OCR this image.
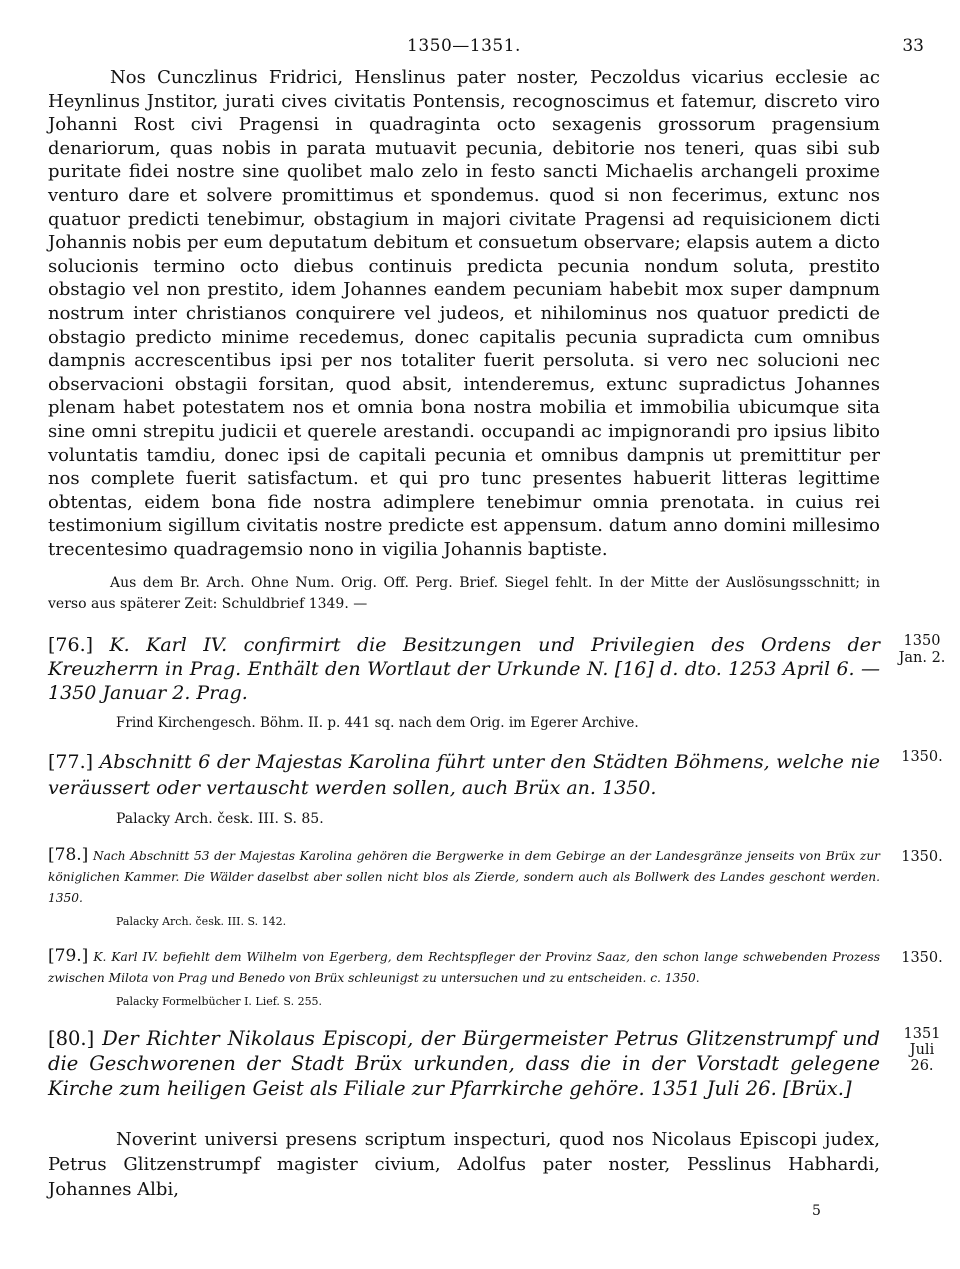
1350—1351.	33

Nos Cunczlinus Fridrici, Henslinus pater noster, Peczoldus vicarius ecclesie ac Heynlinus Jnstitor, jurati cives civitatis Pontensis, recognoscimus et fatemur, discreto viro Johanni Rost civi Pragensi in quadraginta octo sexagenis grossorum pragensium denariorum, quas nobis in parata mutuavit pecunia, debitorie nos teneri, quas sibi sub puritate fidei nostre sine quolibet malo zelo in festo sancti Michaelis archangeli proxime venturo dare et solvere promittimus et spondemus. quod si non fecerimus, extunc nos quatuor predicti tenebimur, obstagium in majori civitate Pragensi ad requisicionem dicti Johannis nobis per eum deputatum debitum et consuetum observare; elapsis autem a dicto solucionis termino octo diebus continuis predicta pecunia nondum soluta, prestito obstagio vel non prestito, idem Johannes eandem pecuniam habebit mox super dampnum nostrum inter christianos conquirere vel judeos, et nihilominus nos quatuor predicti de obstagio predicto minime recedemus, donec capitalis pecunia supradicta cum omnibus dampnis accrescentibus ipsi per nos totaliter fuerit persoluta. si vero nec solucioni nec observacioni obstagii forsitan, quod absit, intenderemus, extunc supradictus Johannes plenam habet potestatem nos et omnia bona nostra mobilia et immobilia ubicumque sita sine omni strepitu judicii et querele arestandi. occupandi ac impignorandi pro ipsius libito voluntatis tamdiu, donec ipsi de capitali pecunia et omnibus dampnis ut premittitur per nos complete fuerit satisfactum. et qui pro tunc presentes habuerit litteras legittime obtentas, eidem bona fide nostra adimplere tenebimur omnia prenotata. in cuius rei testimonium sigillum civitatis nostre predicte est appensum. datum anno domini millesimo trecentesimo quadragemsio nono in vigilia Johannis baptiste.

Aus dem Br. Arch. Ohne Num. Orig. Off. Perg. Brief. Siegel fehlt. In der Mitte der Auslösungsschnitt; in verso aus späterer Zeit: Schuldbrief 1349. —

1350
Jan. 2.
[76.] K. Karl IV. confirmirt die Besitzungen und Privilegien des Ordens der Kreuzherrn in Prag. Enthält den Wortlaut der Urkunde N. [16] d. dto. 1253 April 6. — 1350 Januar 2. Prag.
Frind Kirchengesch. Böhm. II. p. 441 sq. nach dem Orig. im Egerer Archive.
1350.
[77.] Abschnitt 6 der Majestas Karolina führt unter den Städten Böhmens, welche nie veräussert oder vertauscht werden sollen, auch Brüx an. 1350.
Palacky Arch. česk. III. S. 85.
1350.
[78.] Nach Abschnitt 53 der Majestas Karolina gehören die Bergwerke in dem Gebirge an der Landesgränze jenseits von Brüx zur königlichen Kammer. Die Wälder daselbst aber sollen nicht blos als Zierde, sondern auch als Bollwerk des Landes geschont werden. 1350.
Palacky Arch. česk. III. S. 142.
1350.
[79.] K. Karl IV. befiehlt dem Wilhelm von Egerberg, dem Rechtspfleger der Provinz Saaz, den schon lange schwebenden Prozess zwischen Milota von Prag und Benedo von Brüx schleunigst zu untersuchen und zu entscheiden. c. 1350.
Palacky Formelbücher I. Lief. S. 255.
1351
Juli 26.
[80.] Der Richter Nikolaus Episcopi, der Bürgermeister Petrus Glitzenstrumpf und die Geschworenen der Stadt Brüx urkunden, dass die in der Vorstadt gelegene Kirche zum heiligen Geist als Filiale zur Pfarrkirche gehöre. 1351 Juli 26. [Brüx.]

Noverint universi presens scriptum inspecturi, quod nos Nicolaus Episcopi judex, Petrus Glitzenstrumpf magister civium, Adolfus pater noster, Pesslinus Habhardi, Johannes Albi,

5
